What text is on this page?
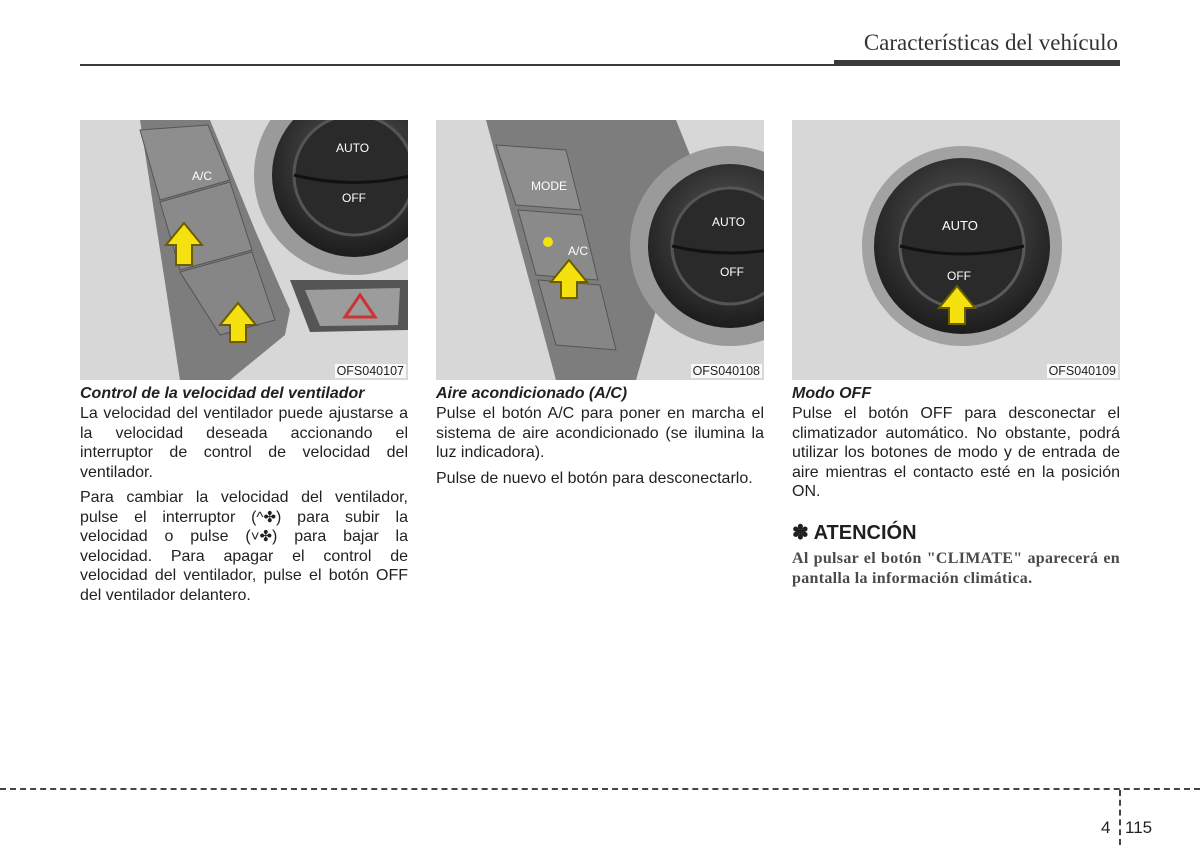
Características del vehículo
A/C
AUTO
OFF
OFS040107
Control de la velocidad del ventilador

La velocidad del ventilador puede ajustarse a la velocidad deseada accionando el interruptor de control de velocidad del ventilador.

Para cambiar la velocidad del ventilador, pulse el interruptor (^✤) para subir la velocidad o pulse (˅✤) para bajar la velocidad. Para apagar el control de velocidad del ventilador, pulse el botón OFF del ventilador delantero.

MODE
A/C
AUTO
OFF
OFS040108
Aire acondicionado (A/C)

Pulse el botón A/C para poner en marcha el sistema de aire acondicionado (se ilumina la luz indicadora).

Pulse de nuevo el botón para desconectarlo.

AUTO
OFF
OFS040109
Modo OFF

Pulse el botón OFF para desconectar el climatizador automático. No obstante, podrá utilizar los botones de modo y de entrada de aire mientras el contacto esté en la posición ON.

✽ ATENCIÓN
Al pulsar el botón "CLIMATE" aparecerá en pantalla la información climática.
4 115
